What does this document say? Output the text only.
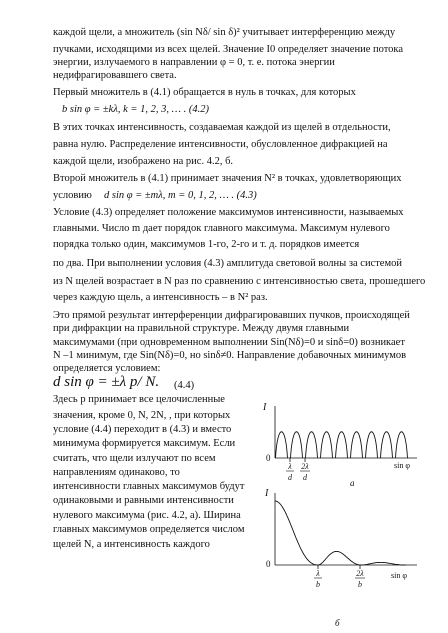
каждой щели, а множитель (sin Nδ/ sin δ)² учитывает интерференцию между
пучками, исходящими из всех щелей. Значение I0 определяет значение потока
энергии, излучаемого в направлении φ = 0, т. е. потока энергии
недифрагировавшего света.
Первый множитель в (4.1) обращается в нуль в точках, для которых
b sin φ = ±kλ, k = 1, 2, 3, … . (4.2)
В этих точках интенсивность, создаваемая каждой из щелей в отдельности,
равна нулю. Распределение интенсивности, обусловленное дифракцией на
каждой щели, изображено на рис. 4.2, б.
Второй множитель в (4.1) принимает значения N² в точках, удовлетворяющих
условию d sin φ = ±mλ, m = 0, 1, 2, … . (4.3)
Условие (4.3) определяет положение максимумов интенсивности, называемых
главными. Число m дает порядок главного максимума. Максимум нулевого
порядка только один, максимумов 1-го, 2-го и т. д. порядков имеется
по два. При выполнении условия (4.3) амплитуда световой волны за системой
из N щелей возрастает в N раз по сравнению с интенсивностью света, прошедшего
через каждую щель, а интенсивность – в N² раз.
Это прямой результат интерференции дифрагировавших пучков, происходящей
при дифракции на правильной структуре. Между двумя главными
максимумами (при одновременном выполнении Sin(Nδ)=0 и sinδ=0) возникает
N –1 минимум, где Sin(Nδ)=0, но sinδ≠0. Направление добавочных минимумов
определяется условием:
d sin φ = ±λ p/ N. (4.4)
Здесь p принимает все целочисленные
значения, кроме 0, N, 2N, , при которых
условие (4.4) переходит в (4.3) и вместо
минимума формируется максимум. Если
считать, что щели излучают по всем
направлениям одинаково, то
интенсивности главных максимумов будут
одинаковыми и равными интенсивности
нулевого максимума (рис. 4.2, а). Ширина
главных максимумов определяется числом
щелей N, а интенсивность каждого
I
0
λ
d
2λ
d
sin φ
а
I
0
λ
b
2λ
b
sin φ
б
